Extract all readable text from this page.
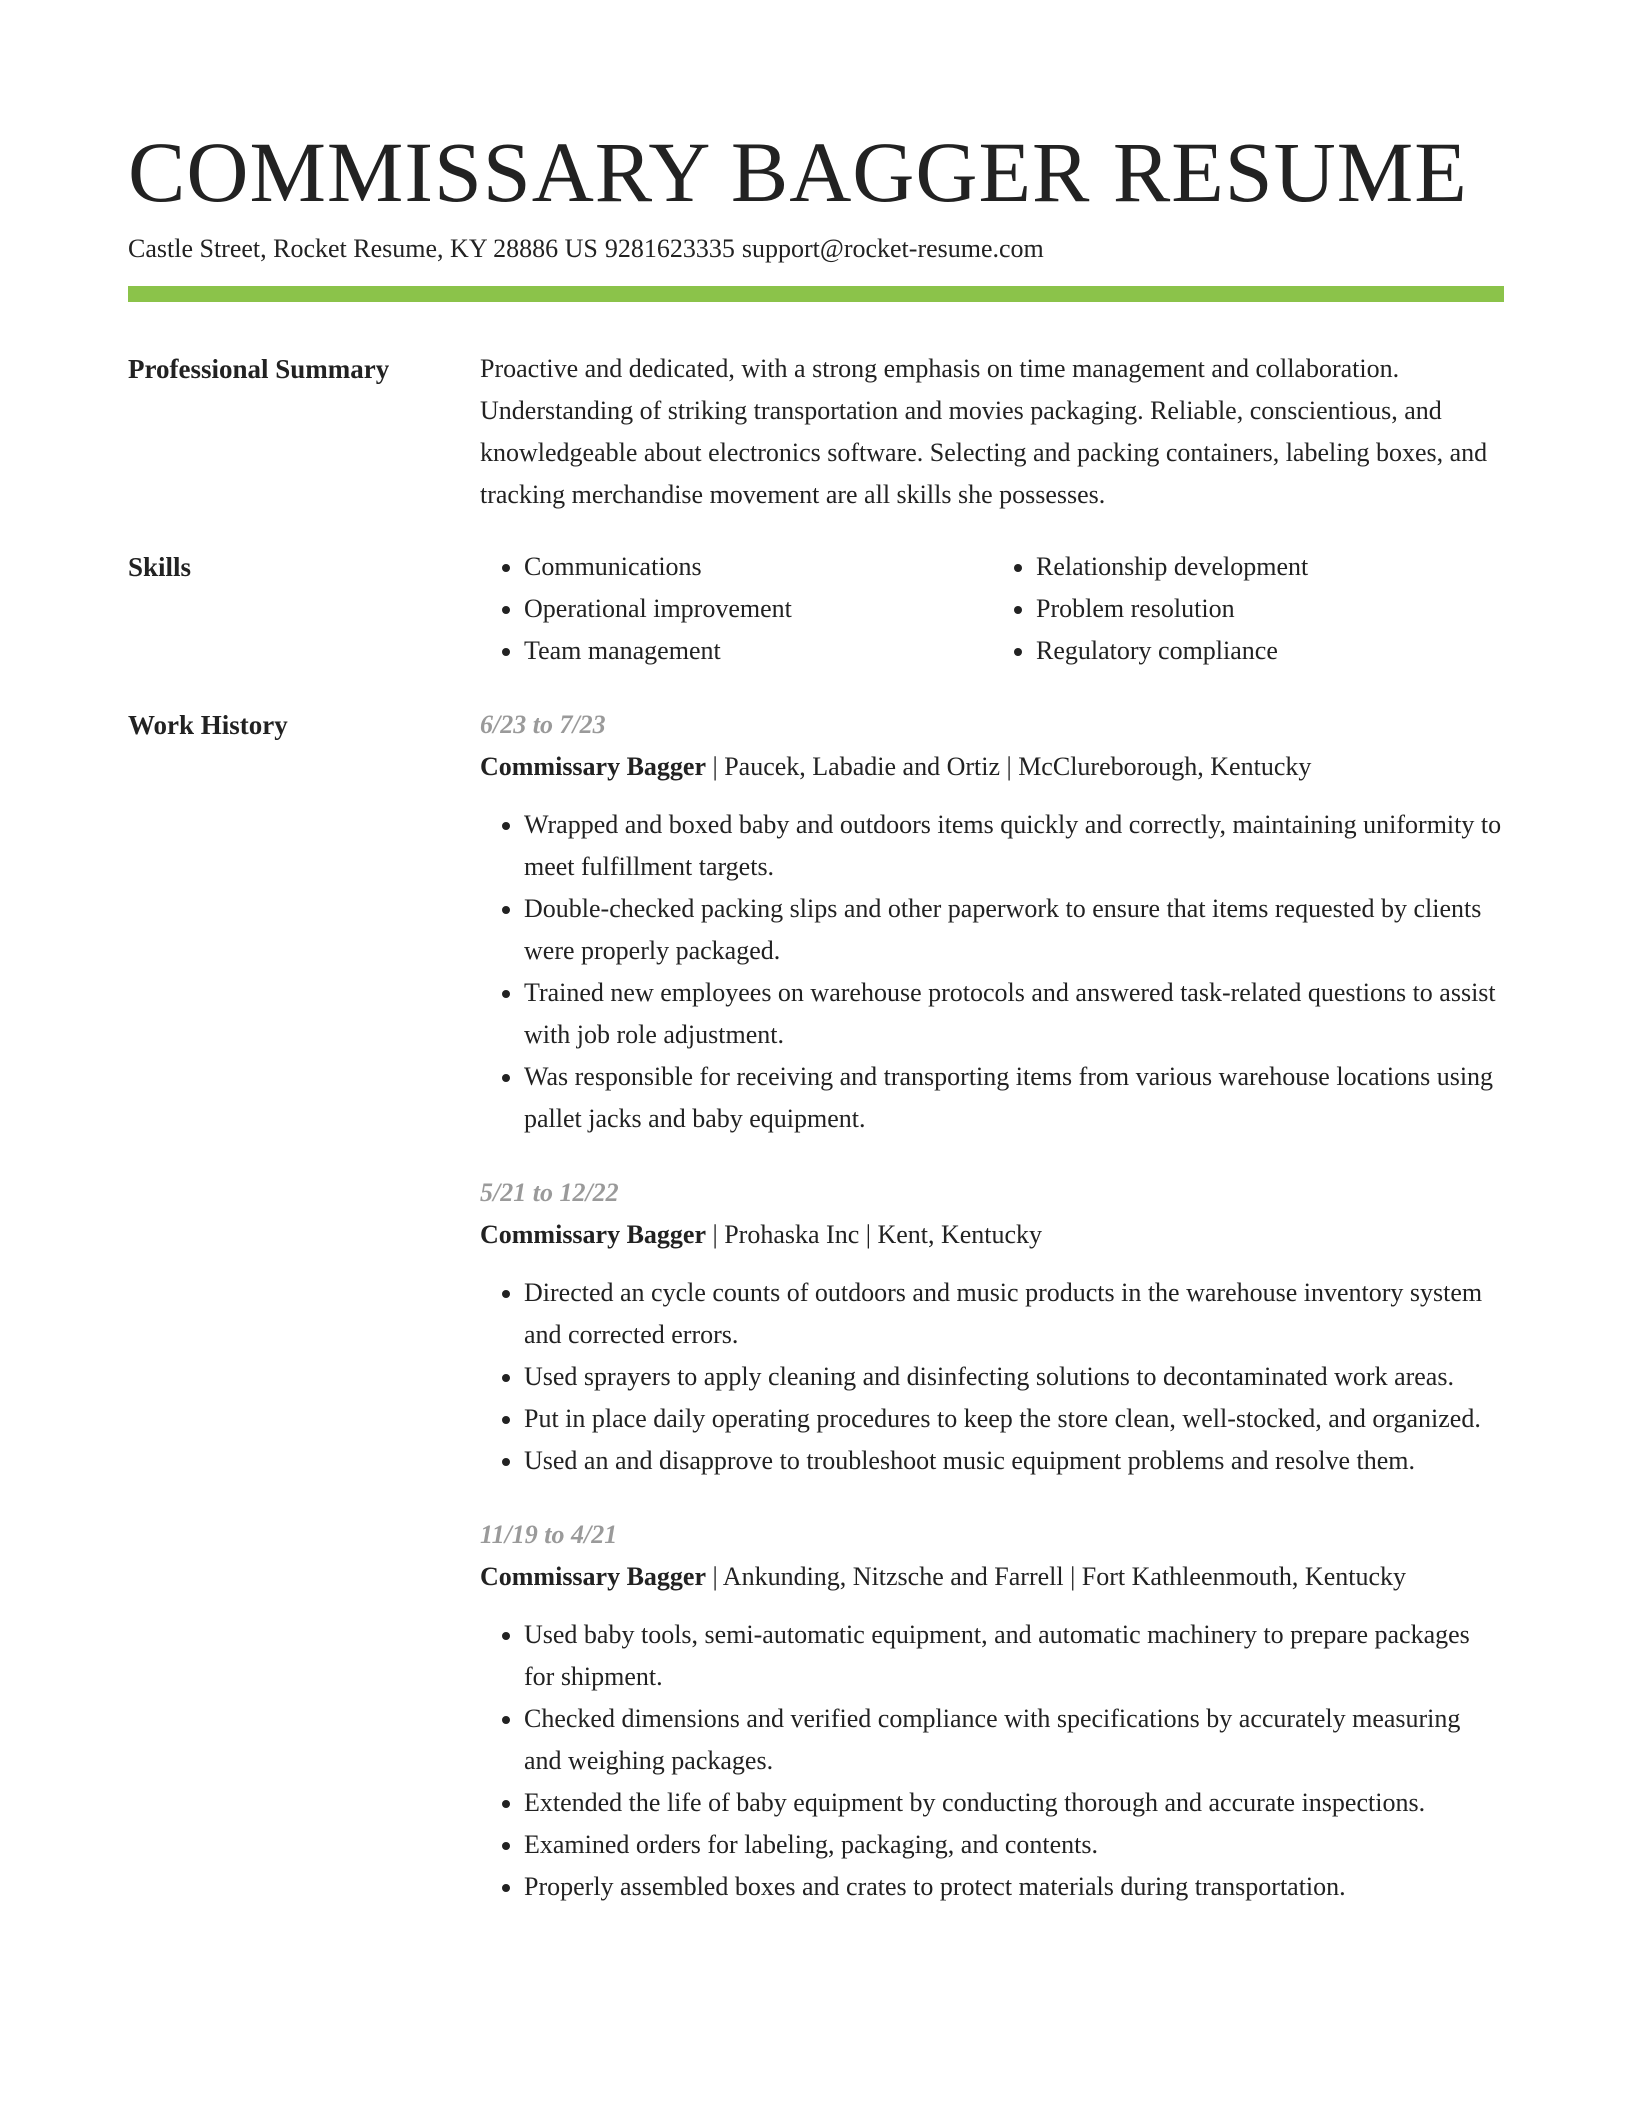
COMMISSARY BAGGER RESUME
Castle Street, Rocket Resume, KY 28886 US 9281623335 support@rocket-resume.com
Professional Summary	Proactive and dedicated, with a strong emphasis on time management and collaboration. Understanding of striking transportation and movies packaging. Reliable, conscientious, and knowledgeable about electronics software. Selecting and packing containers, labeling boxes, and tracking merchandise movement are all skills she possesses.

Skills
•	Communications
• Operational improvement
• Team management
• Relationship development
• Problem resolution
• Regulatory compliance
Work History	6/23 to 7/23
Commissary Bagger | Paucek, Labadie and Ortiz | McClureborough, Kentucky
• Wrapped and boxed baby and outdoors items quickly and correctly, maintaining uniformity to meet fulfillment targets.
• Double-checked packing slips and other paperwork to ensure that items requested by clients were properly packaged.
• Trained new employees on warehouse protocols and answered task-related questions to assist with job role adjustment.
• Was responsible for receiving and transporting items from various warehouse locations using pallet jacks and baby equipment.
5/21 to 12/22
Commissary Bagger | Prohaska Inc | Kent, Kentucky
• Directed an cycle counts of outdoors and music products in the warehouse inventory system and corrected errors.
• Used sprayers to apply cleaning and disinfecting solutions to decontaminated work areas.
• Put in place daily operating procedures to keep the store clean, well-stocked, and organized.
• Used an and disapprove to troubleshoot music equipment problems and resolve them.
11/19 to 4/21
Commissary Bagger | Ankunding, Nitzsche and Farrell | Fort Kathleenmouth, Kentucky
• Used baby tools, semi-automatic equipment, and automatic machinery to prepare packages for shipment.
• Checked dimensions and verified compliance with specifications by accurately measuring and weighing packages.
• Extended the life of baby equipment by conducting thorough and accurate inspections.
• Examined orders for labeling, packaging, and contents.
• Properly assembled boxes and crates to protect materials during transportation.
